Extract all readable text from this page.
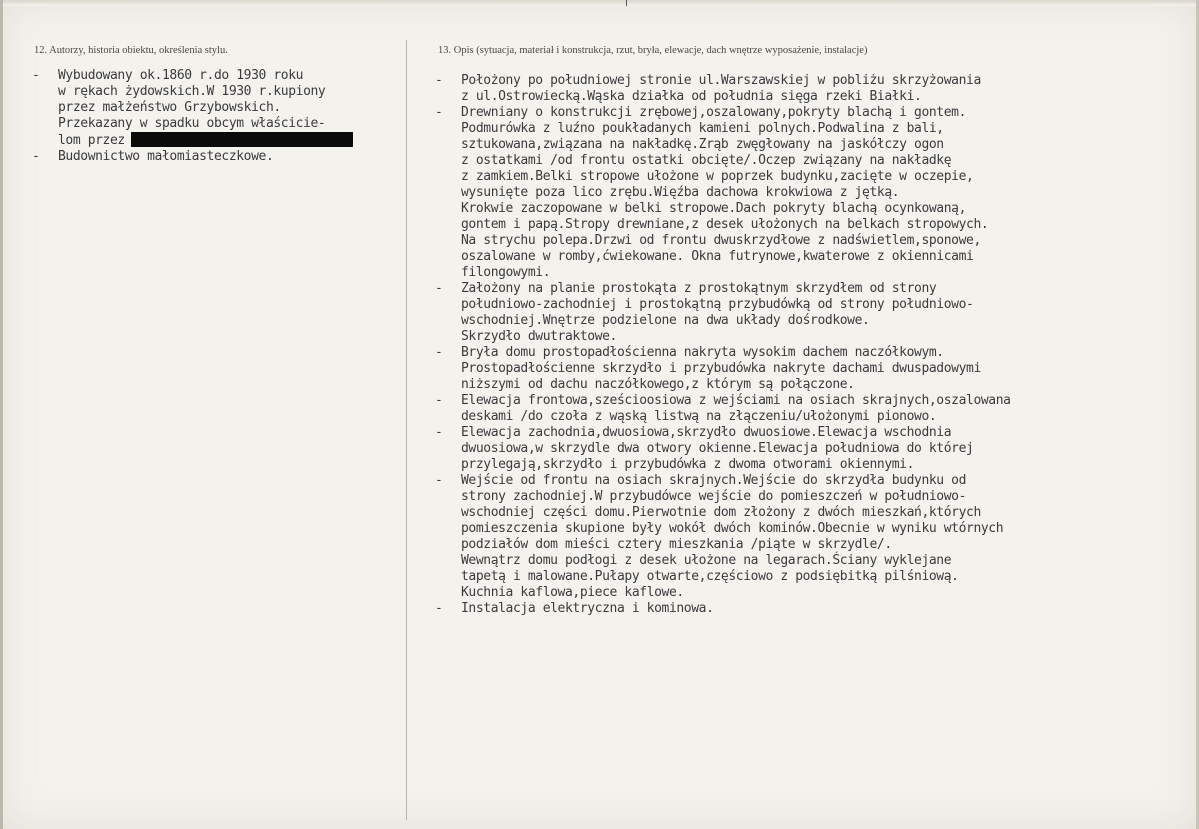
12. Autorzy, historia obiektu, określenia stylu.	13. Opis (sytuacja, materiał i konstrukcja, rzut, bryła, elewacje, dach wnętrze wyposażenie, instalacje)
-	Wybudowany ok.1860 r.do 1930 roku
w rękach żydowskich.W 1930 r.kupiony
przez małżeństwo Grzybowskich.
Przekazany w spadku obcym właściciе-
lom przez
-	Budownictwo małomiasteczkowe.
-	Położony po południowej stronie ul.Warszawskiej w pobliżu skrzyżowania
z ul.Ostrowiecką.Wąska działka od południa sięga rzeki Białki.
-	Drewniany o konstrukcji zrębowej,oszalowany,pokryty blachą i gontem.
Podmurówka z luźno poukładanych kamieni polnych.Podwalina z bali,
sztukowana,związana na nakładkę.Zrąb zwęgłowany na jaskółczy ogon
z ostatkami /od frontu ostatki obcięte/.Oczep związany na nakładkę
z zamkiem.Belki stropowe ułożone w poprzek budynku,zacięte w oczepie,
wysunięte poza lico zrębu.Więźba dachowa krokwiowa z jętką.
Krokwie zaczopowane w belki stropowe.Dach pokryty blachą ocynkowaną,
gontem i papą.Stropy drewniane,z desek ułożonych na belkach stropowych.
Na strychu polepa.Drzwi od frontu dwuskrzydłowe z nadświetlem,sponowe,
oszalowane w romby,ćwiekowane. Okna futrynowe,kwaterowe z okiennicami
filongowymi.
-	Założony na planie prostokąta z prostokątnym skrzydłem od strony
południowo-zachodniej i prostokątną przybudówką od strony południowo-
wschodniej.Wnętrze podzielone na dwa układy dośrodkowe.
Skrzydło dwutraktowe.
-	Bryła domu prostopadłościenna nakryta wysokim dachem naczółkowym.
Prostopadłościenne skrzydło i przybudówka nakryte dachami dwuspadowymi
niższymi od dachu naczółkowego,z którym są połączone.
-	Elewacja frontowa,sześcioosiowa z wejściami na osiach skrajnych,oszalowana
deskami /do czoła z wąską listwą na złączeniu/ułożonymi pionowo.
-	Elewacja zachodnia,dwuosiowa,skrzydło dwuosiowe.Elewacja wschodnia
dwuosiowa,w skrzydle dwa otwory okienne.Elewacja południowa do której
przylegają,skrzydło i przybudówka z dwoma otworami okiennymi.
-	Wejście od frontu na osiach skrajnych.Wejście do skrzydła budynku od
strony zachodniej.W przybudówce wejście do pomieszczeń w południowo-
wschodniej części domu.Pierwotnie dom złożony z dwóch mieszkań,których
pomieszczenia skupione były wokół dwóch kominów.Obecnie w wyniku wtórnych
podziałów dom mieści cztery mieszkania /piąte w skrzydle/.
Wewnątrz domu podłogi z desek ułożone na legarach.Ściany wyklejane
tapetą i malowane.Pułapy otwarte,częściowo z podsiębitką pilśniową.
Kuchnia kaflowa,piece kaflowe.
-	Instalacja elektryczna i kominowa.
